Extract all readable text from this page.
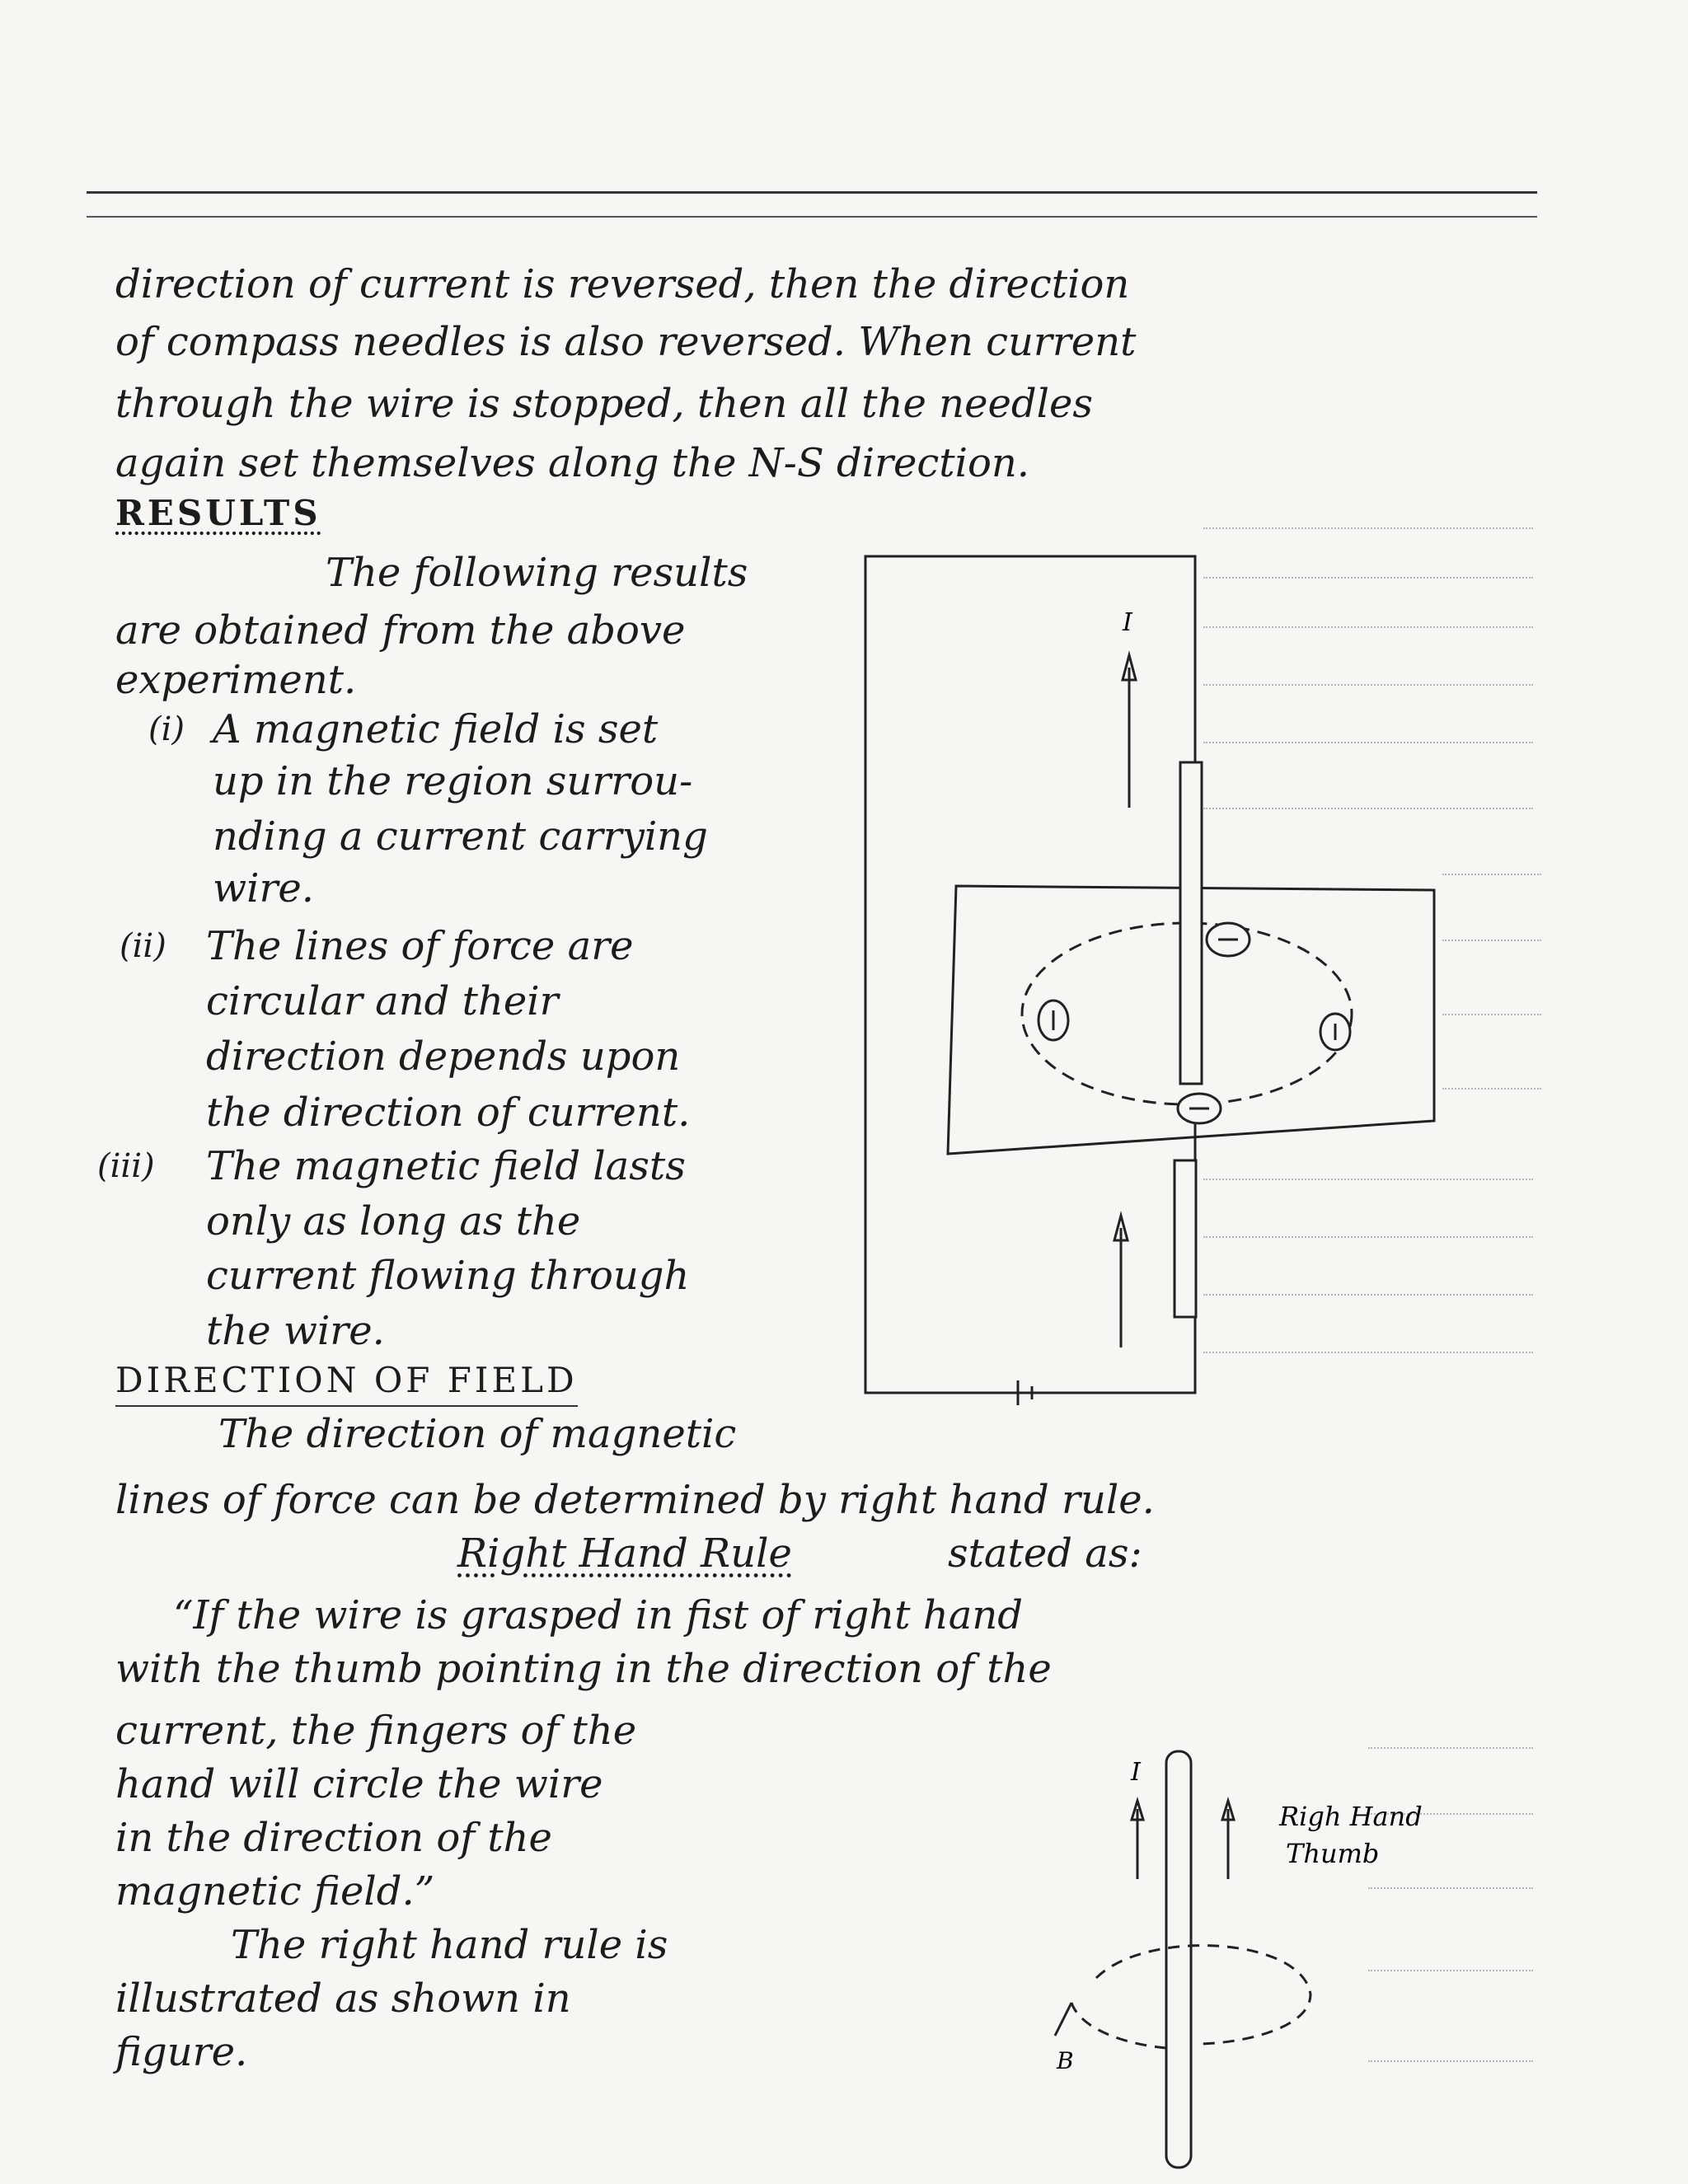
direction of current is reversed, then the direction
of compass needles is also reversed. When current
through the wire is stopped, then all the needles
again set themselves along the N-S direction.
RESULTS
The following results
are obtained from the above
experiment.
(i) A magnetic field is set
up in the region surrou-
nding a current carrying
wire.
(ii) The lines of force are
circular and their
direction depends upon
the direction of current.
(iii) The magnetic field lasts
only as long as the
current flowing through
the wire.
DIRECTION OF FIELD
The direction of magnetic
lines of force can be determined by right hand rule.
Right Hand Rule	stated as:
“If the wire is grasped in fist of right hand
with the thumb pointing in the direction of the
current, the fingers of the
hand will circle the wire
in the direction of the
magnetic field.”
The right hand rule is
illustrated as shown in
figure.
I
I
Righ Hand
Thumb
B
